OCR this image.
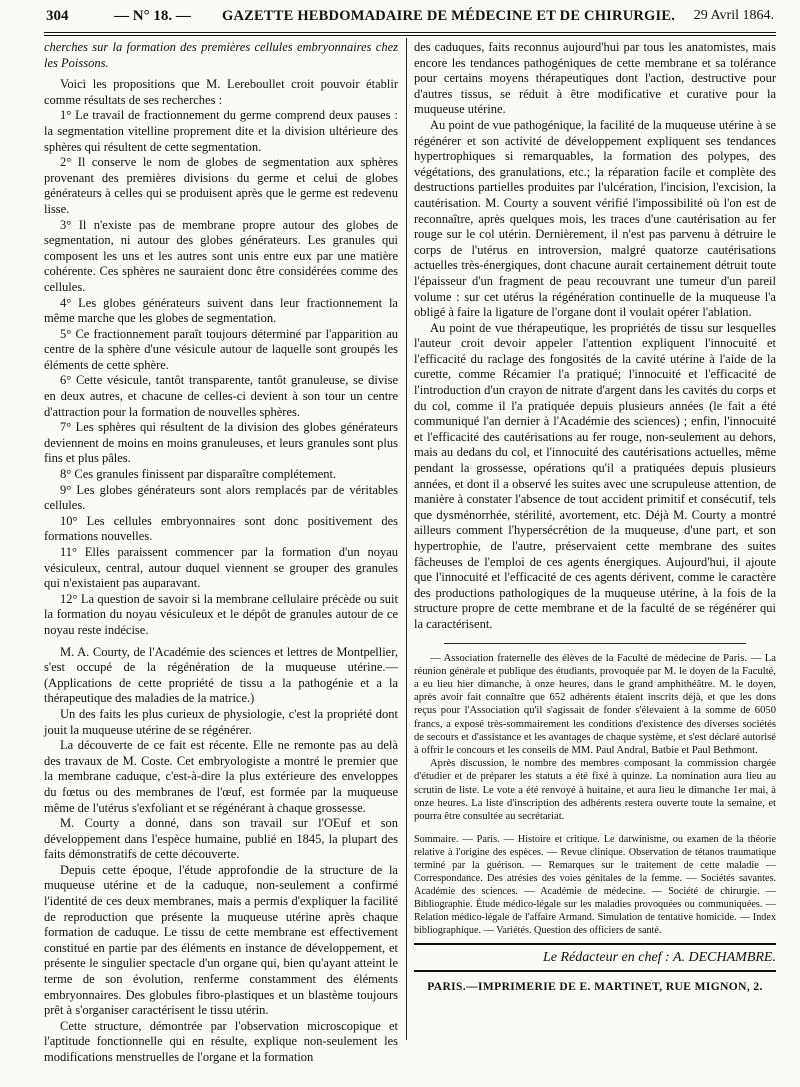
304	— N° 18. — GAZETTE HEBDOMADAIRE DE MÉDECINE ET DE CHIRURGIE. 29 Avril 1864.

cherches sur la formation des premières cellules embryonnaires chez les Poissons.

Voici les propositions que M. Lereboullet croit pouvoir établir comme résultats de ses recherches :

1° Le travail de fractionnement du germe comprend deux pauses : la segmentation vitelline proprement dite et la division ultérieure des sphères qui résultent de cette segmentation.

2° Il conserve le nom de globes de segmentation aux sphères provenant des premières divisions du germe et celui de globes générateurs à celles qui se produisent après que le germe est redevenu lisse.

3° Il n'existe pas de membrane propre autour des globes de segmentation, ni autour des globes générateurs. Les granules qui composent les uns et les autres sont unis entre eux par une matière cohérente. Ces sphères ne sauraient donc être considérées comme des cellules.

4° Les globes générateurs suivent dans leur fractionnement la même marche que les globes de segmentation.

5° Ce fractionnement paraît toujours déterminé par l'apparition au centre de la sphère d'une vésicule autour de laquelle sont groupés les éléments de cette sphère.

6° Cette vésicule, tantôt transparente, tantôt granuleuse, se divise en deux autres, et chacune de celles-ci devient à son tour un centre d'attraction pour la formation de nouvelles sphères.

7° Les sphères qui résultent de la division des globes générateurs deviennent de moins en moins granuleuses, et leurs granules sont plus fins et plus pâles.

8° Ces granules finissent par disparaître complétement.

9° Les globes générateurs sont alors remplacés par de véritables cellules.

10° Les cellules embryonnaires sont donc positivement des formations nouvelles.

11° Elles paraissent commencer par la formation d'un noyau vésiculeux, central, autour duquel viennent se grouper des granules qui n'existaient pas auparavant.

12° La question de savoir si la membrane cellulaire précède ou suit la formation du noyau vésiculeux et le dépôt de granules autour de ce noyau reste indécise.

M. A. Courty, de l'Académie des sciences et lettres de Montpellier, s'est occupé de la régénération de la muqueuse utérine.— (Applications de cette propriété de tissu a la pathogénie et a la thérapeutique des maladies de la matrice.)

Un des faits les plus curieux de physiologie, c'est la propriété dont jouit la muqueuse utérine de se régénérer.

La découverte de ce fait est récente. Elle ne remonte pas au delà des travaux de M. Coste. Cet embryologiste a montré le premier que la membrane caduque, c'est-à-dire la plus extérieure des enveloppes du fœtus ou des membranes de l'œuf, est formée par la muqueuse même de l'utérus s'exfoliant et se régénérant à chaque grossesse.

M. Courty a donné, dans son travail sur l'OEuf et son développement dans l'espèce humaine, publié en 1845, la plupart des faits démonstratifs de cette découverte.

Depuis cette époque, l'étude approfondie de la structure de la muqueuse utérine et de la caduque, non-seulement a confirmé l'identité de ces deux membranes, mais a permis d'expliquer la facilité de reproduction que présente la muqueuse utérine après chaque formation de caduque. Le tissu de cette membrane est effectivement constitué en partie par des éléments en instance de développement, et présente le singulier spectacle d'un organe qui, bien qu'ayant atteint le terme de son évolution, renferme constamment des éléments embryonnaires. Des globules fibro-plastiques et un blastème toujours prêt à s'organiser caractérisent le tissu utérin.

Cette structure, démontrée par l'observation microscopique et l'aptitude fonctionnelle qui en résulte, explique non-seulement les modifications menstruelles de l'organe et la formation

des caduques, faits reconnus aujourd'hui par tous les anatomistes, mais encore les tendances pathogéniques de cette membrane et sa tolérance pour certains moyens thérapeutiques dont l'action, destructive pour d'autres tissus, se réduit à être modificative et curative pour la muqueuse utérine.

Au point de vue pathogénique, la facilité de la muqueuse utérine à se régénérer et son activité de développement expliquent ses tendances hypertrophiques si remarquables, la formation des polypes, des végétations, des granulations, etc.; la réparation facile et complète des destructions partielles produites par l'ulcération, l'incision, l'excision, la cautérisation. M. Courty a souvent vérifié l'impossibilité où l'on est de reconnaître, après quelques mois, les traces d'une cautérisation au fer rouge sur le col utérin. Dernièrement, il n'est pas parvenu à détruire le corps de l'utérus en introversion, malgré quatorze cautérisations actuelles très-énergiques, dont chacune aurait certainement détruit toute l'épaisseur d'un fragment de peau recouvrant une tumeur d'un pareil volume : sur cet utérus la régénération continuelle de la muqueuse l'a obligé à faire la ligature de l'organe dont il voulait opérer l'ablation.

Au point de vue thérapeutique, les propriétés de tissu sur lesquelles l'auteur croit devoir appeler l'attention expliquent l'innocuité et l'efficacité du raclage des fongosités de la cavité utérine à l'aide de la curette, comme Récamier l'a pratiqué; l'innocuité et l'efficacité de l'introduction d'un crayon de nitrate d'argent dans les cavités du corps et du col, comme il l'a pratiquée depuis plusieurs années (le fait a été communiqué l'an dernier à l'Académie des sciences) ; enfin, l'innocuité et l'efficacité des cautérisations au fer rouge, non-seulement au dehors, mais au dedans du col, et l'innocuité des cautérisations actuelles, même pendant la grossesse, opérations qu'il a pratiquées depuis plusieurs années, et dont il a observé les suites avec une scrupuleuse attention, de manière à constater l'absence de tout accident primitif et consécutif, tels que dysménorrhée, stérilité, avortement, etc. Déjà M. Courty a montré ailleurs comment l'hypersécrétion de la muqueuse, d'une part, et son hypertrophie, de l'autre, préservaient cette membrane des suites fâcheuses de l'emploi de ces agents énergiques. Aujourd'hui, il ajoute que l'innocuité et l'efficacité de ces agents dérivent, comme le caractère des productions pathologiques de la muqueuse utérine, à la fois de la structure propre de cette membrane et de la faculté de se régénérer qui la caractérisent.

— Association fraternelle des élèves de la Faculté de médecine de Paris. — La réunion générale et publique des étudiants, provoquée par M. le doyen de la Faculté, a eu lieu hier dimanche, à onze heures, dans le grand amphithéâtre. M. le doyen, après avoir fait connaître que 652 adhérents étaient inscrits déjà, et que les dons reçus pour l'Association qu'il s'agissait de fonder s'élevaient à la somme de 6050 francs, a exposé très-sommairement les conditions d'existence des diverses sociétés de secours et d'assistance et les avantages de chaque système, et s'est déclaré autorisé à offrir le concours et les conseils de MM. Paul Andral, Batbie et Paul Bethmont.

Après discussion, le nombre des membres composant la commission chargée d'étudier et de préparer les statuts a été fixé à quinze. La nomination aura lieu au scrutin de liste. Le vote a été renvoyé à huitaine, et aura lieu le dimanche 1er mai, à onze heures. La liste d'inscription des adhérents restera ouverte toute la semaine, et pourra être consultée au secrétariat.

Sommaire. — Paris. — Histoire et critique. Le darwinisme, ou examen de la théorie relative à l'origine des espèces. — Revue clinique. Observation de tétanos traumatique terminé par la guérison. — Remarques sur le traitement de cette maladie — Correspondance. Des atrésies des voies génitales de la femme. — Sociétés savantes. Académie des sciences. — Académie de médecine. — Société de chirurgie. — Bibliographie. Étude médico-légale sur les maladies provoquées ou communiquées. — Relation médico-légale de l'affaire Armand. Simulation de tentative homicide. — Index bibliographique. — Variétés. Question des officiers de santé.

Le Rédacteur en chef : A. DECHAMBRE.
PARIS.—IMPRIMERIE DE E. MARTINET, RUE MIGNON, 2.
